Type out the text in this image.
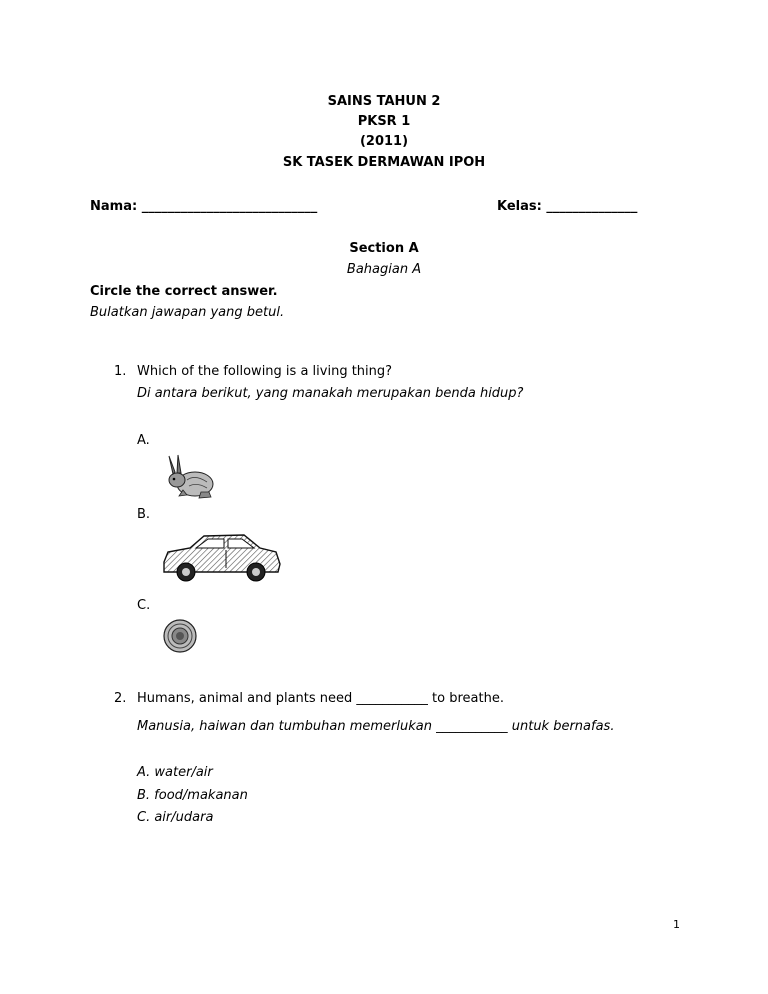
SAINS TAHUN 2
PKSR 1
(2011)
SK TASEK DERMAWAN IPOH
Nama: ___________________________	Kelas: ______________
Section A
Bahagian A
Circle the correct answer.
Bulatkan jawapan yang betul.
1. Which of the following is a living thing?
Di antara berikut, yang manakah merupakan benda hidup?
A.
B.
C.
2. Humans, animal and plants need ___________ to breathe.
Manusia, haiwan dan tumbuhan memerlukan ___________ untuk bernafas.
A. water/air
B. food/makanan
C. air/udara
1
